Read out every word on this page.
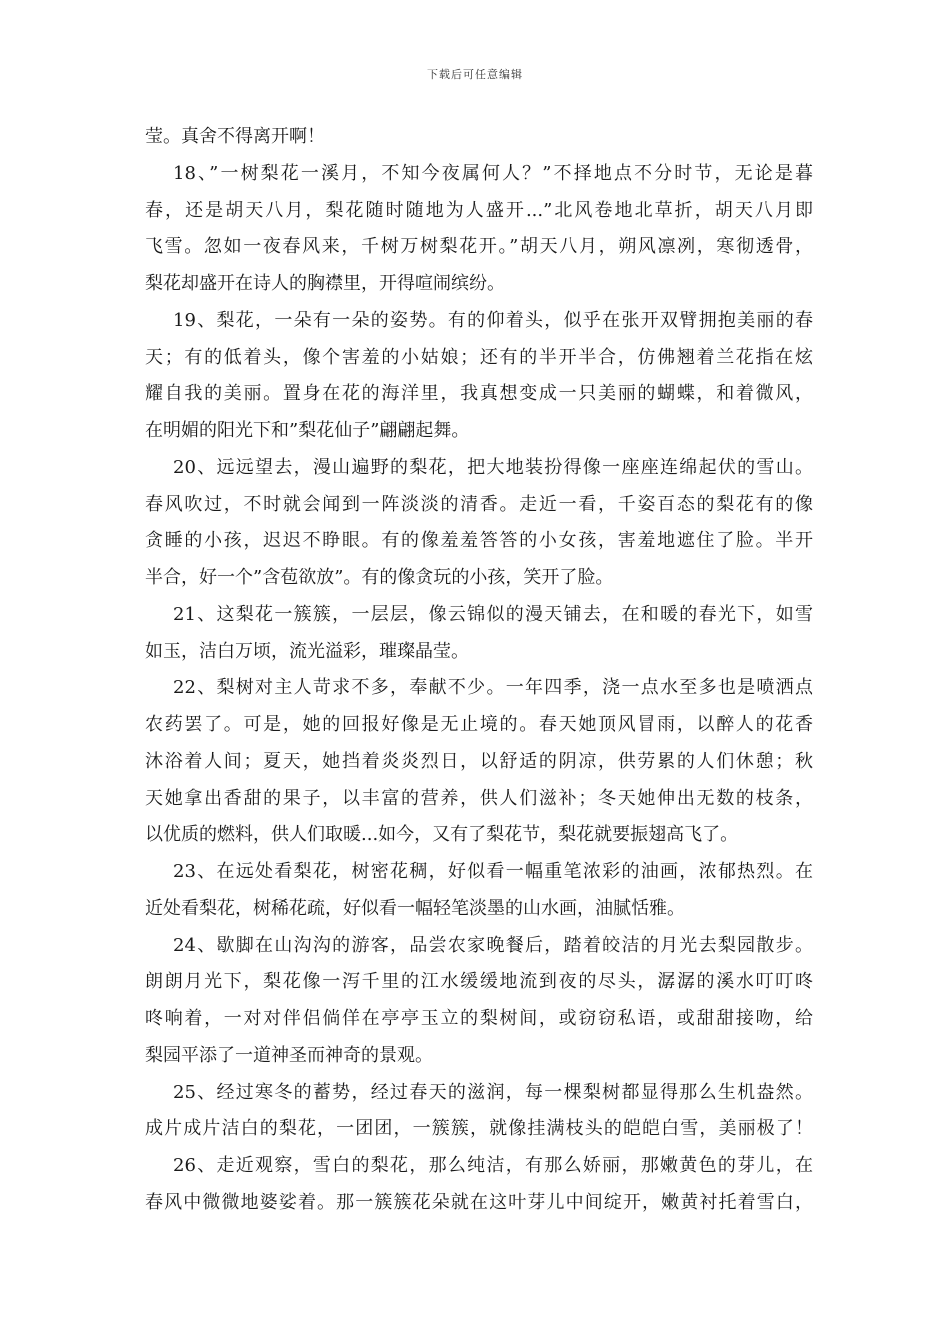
下载后可任意编辑
莹。真舍不得离开啊！
18、”一树梨花一溪月，不知今夜属何人？”不择地点不分时节，无论是暮
春，还是胡天八月，梨花随时随地为人盛开...”北风卷地北草折，胡天八月即
飞雪。忽如一夜春风来，千树万树梨花开。”胡天八月，朔风凛冽，寒彻透骨，
梨花却盛开在诗人的胸襟里，开得喧闹缤纷。
19、梨花，一朵有一朵的姿势。有的仰着头，似乎在张开双臂拥抱美丽的春
天；有的低着头，像个害羞的小姑娘；还有的半开半合，仿佛翘着兰花指在炫
耀自我的美丽。置身在花的海洋里，我真想变成一只美丽的蝴蝶，和着微风，
在明媚的阳光下和”梨花仙子”翩翩起舞。
20、远远望去，漫山遍野的梨花，把大地装扮得像一座座连绵起伏的雪山。
春风吹过，不时就会闻到一阵淡淡的清香。走近一看，千姿百态的梨花有的像
贪睡的小孩，迟迟不睁眼。有的像羞羞答答的小女孩，害羞地遮住了脸。半开
半合，好一个”含苞欲放”。有的像贪玩的小孩，笑开了脸。
21、这梨花一簇簇，一层层，像云锦似的漫天铺去，在和暖的春光下，如雪
如玉，洁白万顷，流光溢彩，璀璨晶莹。
22、梨树对主人苛求不多，奉献不少。一年四季，浇一点水至多也是喷洒点
农药罢了。可是，她的回报好像是无止境的。春天她顶风冒雨，以醉人的花香
沐浴着人间；夏天，她挡着炎炎烈日，以舒适的阴凉，供劳累的人们休憩；秋
天她拿出香甜的果子，以丰富的营养，供人们滋补；冬天她伸出无数的枝条，
以优质的燃料，供人们取暖...如今，又有了梨花节，梨花就要振翅高飞了。
23、在远处看梨花，树密花稠，好似看一幅重笔浓彩的油画，浓郁热烈。在
近处看梨花，树稀花疏，好似看一幅轻笔淡墨的山水画，油腻恬雅。
24、歇脚在山沟沟的游客，品尝农家晚餐后，踏着皎洁的月光去梨园散步。
朗朗月光下，梨花像一泻千里的江水缓缓地流到夜的尽头，潺潺的溪水叮叮咚
咚响着，一对对伴侣倘佯在亭亭玉立的梨树间，或窃窃私语，或甜甜接吻，给
梨园平添了一道神圣而神奇的景观。
25、经过寒冬的蓄势，经过春天的滋润，每一棵梨树都显得那么生机盎然。
成片成片洁白的梨花，一团团，一簇簇，就像挂满枝头的皑皑白雪，美丽极了！
26、走近观察，雪白的梨花，那么纯洁，有那么娇丽，那嫩黄色的芽儿，在
春风中微微地婆娑着。那一簇簇花朵就在这叶芽儿中间绽开，嫩黄衬托着雪白，
